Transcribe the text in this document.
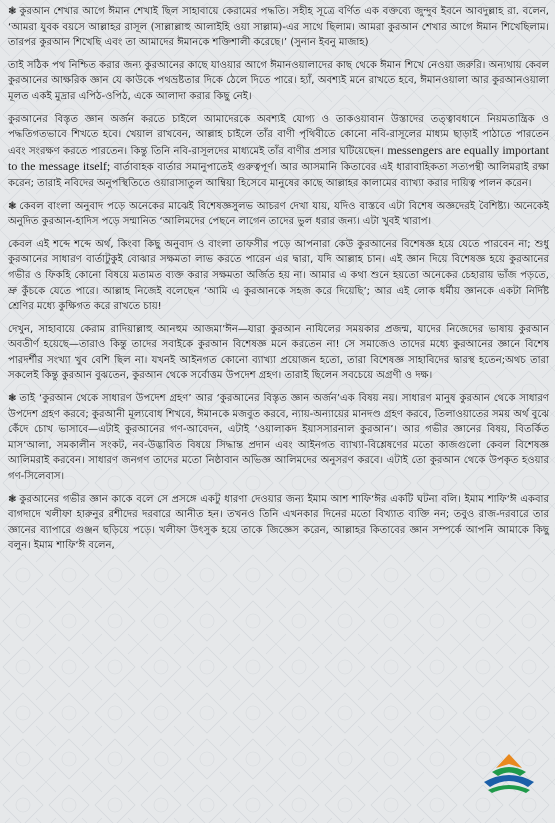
❃ কুরআন শেখার আগে ঈমান শেখাই ছিল সাহাবায়ে কেরামের পদ্ধতি। সহীহ সূত্রে বর্ণিত এক বক্তব্যে জুন্দুব ইবনে আবদুল্লাহ রা. বলেন, ‘আমরা যুবক বয়সে আল্লাহর রাসূল (সাল্লাল্লাহু আলাইহি ওয়া সাল্লাম)-এর সাথে ছিলাম। আমরা কুরআন শেখার আগে ঈমান শিখেছিলাম। তারপর কুরআন শিখেছি এবং তা আমাদের ঈমানকে শক্তিশালী করেছে।’ (সুনান ইবনু মাজাহ)

তাই সঠিক পথ নিশ্চিত করার জন্য কুরআনের কাছে যাওয়ার আগে ঈমানওয়ালাদের কাছ থেকে ঈমান শিখে নেওয়া জরুরি। অন্যথায় কেবল কুরআনের আক্ষরিক জ্ঞান যে কাউকে পথভ্রষ্টতার দিকে ঠেলে দিতে পারে। হ্যাঁ, অবশ্যই মনে রাখতে হবে, ঈমানওয়ালা আর কুরআনওয়ালা মূলত একই মুদ্রার এপিঠ-ওপিঠ, একে আলাদা করার কিছু নেই।

কুরআনের বিস্তৃত জ্ঞান অর্জন করতে চাইলে আমাদেরকে অবশ্যই যোগ্য ও তাকওয়াবান উস্তাদের তত্ত্বাবধানে নিয়মতান্ত্রিক ও পদ্ধতিগতভাবে শিখতে হবে। খেয়াল রাখবেন, আল্লাহ চাইলে তাঁর বাণী পৃথিবীতে কোনো নবি-রাসূলের মাধ্যম ছাড়াই পাঠাতে পারতেন এবং সংরক্ষণ করতে পারতেন। কিন্তু তিনি নবি-রাসূলদের মাধ্যমেই তাঁর বাণীর প্রসার ঘটিয়েছেন। messengers are equally important to the message itself; বার্তাবাহক বার্তার সমানুপাতেই গুরুত্বপূর্ণ। আর আসমানি কিতাবের এই ধারাবাহিকতা সত্যপন্থী আলিমরাই রক্ষা করেন; তারাই নবিদের অনুপস্থিতিতে ওয়ারাসাতুল আম্বিয়া হিসেবে মানুষের কাছে আল্লাহর কালামের ব্যাখ্যা করার দায়িত্ব পালন করেন।

❃ কেবল বাংলা অনুবাদ পড়ে অনেকের মাঝেই বিশেষজ্ঞসুলভ আচরণ দেখা যায়, যদিও বাস্তবে এটা বিশেষ অজ্ঞদেরই বৈশিষ্ট্য। অনেকেই অনুদিত কুরআন-হাদিস পড়ে সম্মানিত ‘আলিমদের পেছনে লাগেন তাদের ভুল ধরার জন্য। এটা খুবই খারাপ।

কেবল এই শব্দে শব্দে অর্থ, কিংবা কিছু অনুবাদ ও বাংলা তাফসীর পড়ে আপনারা কেউ কুরআনের বিশেষজ্ঞ হয়ে যেতে পারবেন না; শুধু কুরআনের সাধারণ বার্তাটুকুই বোঝার সক্ষমতা লাভ করতে পারেন এর দ্বারা, যদি আল্লাহ চান। এই জ্ঞান দিয়ে বিশেষজ্ঞ হয়ে কুরআনের গভীর ও ফিকহি কোনো বিষয়ে মতামত ব্যক্ত করার সক্ষমতা অর্জিত হয় না। আমার এ কথা শুনে হয়তো অনেকের চেহারায় ভাঁজ পড়তে, ভ্রু কুঁচকে যেতে পারে। আল্লাহ নিজেই বলেছেন ‘আমি এ কুরআনকে সহজ করে দিয়েছি’; আর এই লোক ধর্মীয় জ্ঞানকে একটা নির্দিষ্ট শ্রেণির মধ্যে কুক্ষিগত করে রাখতে চায়!

দেখুন, সাহাবায়ে কেরাম রাদিয়াল্লাহু আনহুম আজমা’ঈন—যারা কুরআন নাযিলের সময়কার প্রজন্ম, যাদের নিজেদের ভাষায় কুরআন অবতীর্ণ হয়েছে—তারাও কিন্তু তাদের সবাইকে কুরআন বিশেষজ্ঞ মনে করতেন না! সে সমাজেও তাদের মধ্যে কুরআনের জ্ঞানে বিশেষ পারদর্শীর সংখ্যা খুব বেশি ছিল না। যখনই আইনগত কোনো ব্যাখ্যা প্রয়োজন হতো, তারা বিশেষজ্ঞ সাহাবিদের দ্বারস্থ হতেন;অথচ তারা সকলেই কিন্তু কুরআন বুঝতেন, কুরআন থেকে সর্বোত্তম উপদেশ গ্রহণ। তারাই ছিলেন সবচেয়ে অগ্রণী ও দক্ষ।

❃ তাই ‘কুরআন থেকে সাধারণ উপদেশ গ্রহণ’ আর ‘কুরআনের বিস্তৃত জ্ঞান অর্জন’এক বিষয় নয়। সাধারণ মানুষ কুরআন থেকে সাধারণ উপদেশ গ্রহণ করবে; কুরআনী মূল্যবোধ শিখবে, ঈমানকে মজবুত করবে, ন্যায়-অন্যায়ের মানদণ্ড গ্রহণ করবে, তিলাওয়াতের সময় অর্থ বুঝে কেঁদে চোখ ভাসাবে—এটাই কুরআনের গণ-আবেদন, এটাই ‘ওয়ালাকদ ইয়াসসারনাল কুরআন’। আর গভীর জ্ঞানের বিষয়, বিতর্কিত মাস’আলা, সমকালীন সংকট, নব-উদ্ভাবিত বিষয়ে সিদ্ধান্ত প্রদান এবং আইনগত ব্যাখ্যা-বিশ্লেষণের মতো কাজগুলো কেবল বিশেষজ্ঞ আলিমরাই করবেন। সাধারণ জনগণ তাদের মতো নিষ্ঠাবান অভিজ্ঞ আলিমদের অনুসরণ করবে। এটাই তো কুরআন থেকে উপকৃত হওয়ার গণ-সিলেবাস।

❃ কুরআনের গভীর জ্ঞান কাকে বলে সে প্রসঙ্গে একটু ধারণা দেওয়ার জন্য ইমাম আশ শাফি‘ঈর একটি ঘটনা বলি। ইমাম শাফি‘ঈ একবার বাগদাদে খলীফা হারুনুর রশীদের দরবারে আনীত হন। তখনও তিনি এখনকার দিনের মতো বিখ্যাত ব্যক্তি নন; তবুও রাজ-দরবারে তার জ্ঞানের ব্যাপারে গুঞ্জন ছড়িয়ে পড়ে। খলীফা উৎসুক হয়ে তাকে জিজ্ঞেস করেন, আল্লাহর কিতাবের জ্ঞান সম্পর্কে আপনি আমাকে কিছু বলুন। ইমাম শাফি‘ঈ বলেন,
